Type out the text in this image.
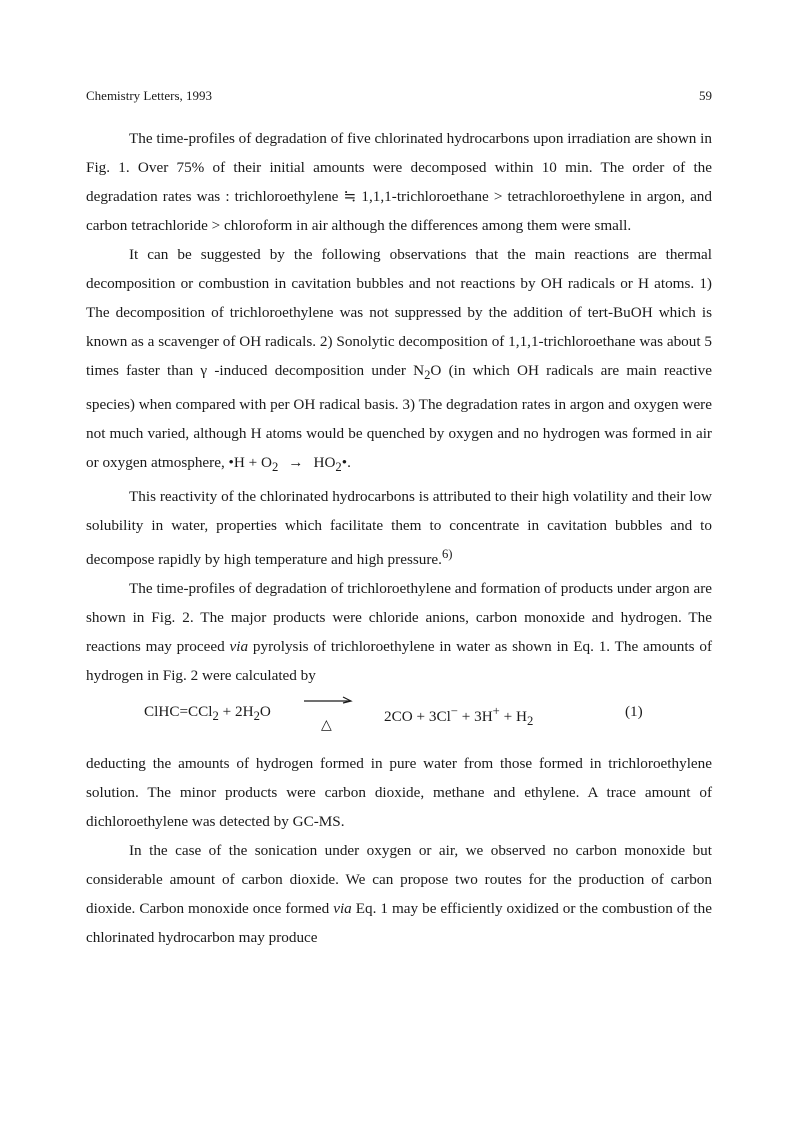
Chemistry Letters, 1993	59

The time-profiles of degradation of five chlorinated hydrocarbons upon irradiation are shown in Fig. 1. Over 75% of their initial amounts were decomposed within 10 min. The order of the degradation rates was : trichloroethylene ≒ 1,1,1-trichloroethane > tetrachloroethylene in argon, and carbon tetrachloride > chloroform in air although the differences among them were small.

It can be suggested by the following observations that the main reactions are thermal decomposition or combustion in cavitation bubbles and not reactions by OH radicals or H atoms. 1) The decomposition of trichloroethylene was not suppressed by the addition of tert-BuOH which is known as a scavenger of OH radicals. 2) Sonolytic decomposition of 1,1,1-trichloroethane was about 5 times faster than γ -induced decomposition under $N_2O$ (in which OH radicals are main reactive species) when compared with per OH radical basis. 3) The degradation rates in argon and oxygen were not much varied, although H atoms would be quenched by oxygen and no hydrogen was formed in air or oxygen atmosphere, •H + $O_2$ → $HO_2•$.

This reactivity of the chlorinated hydrocarbons is attributed to their high volatility and their low solubility in water, properties which facilitate them to concentrate in cavitation bubbles and to decompose rapidly by high temperature and high pressure.$^{6)}$

The time-profiles of degradation of trichloroethylene and formation of products under argon are shown in Fig. 2. The major products were chloride anions, carbon monoxide and hydrogen. The reactions may proceed via pyrolysis of trichloroethylene in water as shown in Eq. 1. The amounts of hydrogen in Fig. 2 were calculated by

ClHC=CCl$_2$ + $2H_2O$
△
$2CO + 3Cl^- + 3H^+ + H_2$
(1)

deducting the amounts of hydrogen formed in pure water from those formed in trichloroethylene solution. The minor products were carbon dioxide, methane and ethylene. A trace amount of dichloroethylene was detected by GC-MS.

In the case of the sonication under oxygen or air, we observed no carbon monoxide but considerable amount of carbon dioxide. We can propose two routes for the production of carbon dioxide. Carbon monoxide once formed via Eq. 1 may be efficiently oxidized or the combustion of the chlorinated hydrocarbon may produce
